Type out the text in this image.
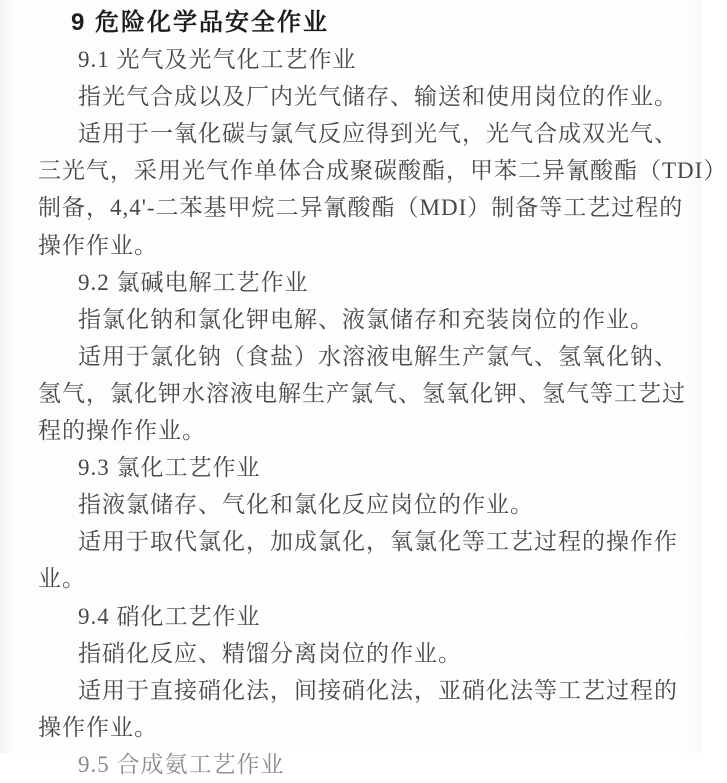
9 危险化学品安全作业
9.1 光气及光气化工艺作业
指光气合成以及厂内光气储存、输送和使用岗位的作业。
适用于一氧化碳与氯气反应得到光气，光气合成双光气、
三光气，采用光气作单体合成聚碳酸酯，甲苯二异氰酸酯（TDI）
制备，4,4'-二苯基甲烷二异氰酸酯（MDI）制备等工艺过程的
操作作业。
9.2 氯碱电解工艺作业
指氯化钠和氯化钾电解、液氯储存和充装岗位的作业。
适用于氯化钠（食盐）水溶液电解生产氯气、氢氧化钠、
氢气，氯化钾水溶液电解生产氯气、氢氧化钾、氢气等工艺过
程的操作作业。
9.3 氯化工艺作业
指液氯储存、气化和氯化反应岗位的作业。
适用于取代氯化，加成氯化，氧氯化等工艺过程的操作作
业。
9.4 硝化工艺作业
指硝化反应、精馏分离岗位的作业。
适用于直接硝化法，间接硝化法，亚硝化法等工艺过程的
操作作业。
9.5 合成氨工艺作业
